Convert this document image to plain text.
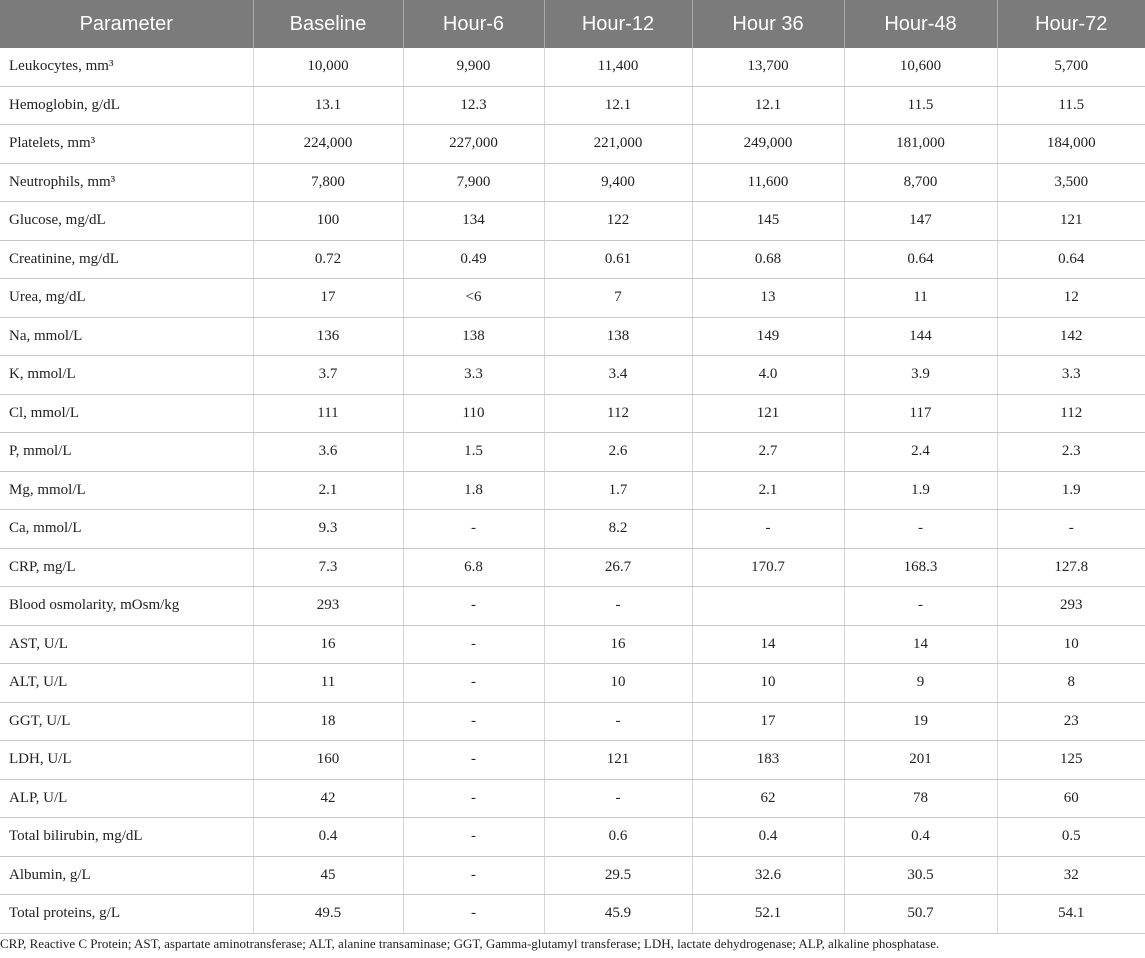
Parameter	Baseline	Hour-6	Hour-12	Hour 36	Hour-48	Hour-72
Leukocytes, mm³	10,000	9,900	11,400	13,700	10,600	5,700
Hemoglobin, g/dL	13.1	12.3	12.1	12.1	11.5	11.5
Platelets, mm³	224,000	227,000	221,000	249,000	181,000	184,000
Neutrophils, mm³	7,800	7,900	9,400	11,600	8,700	3,500
Glucose, mg/dL	100	134	122	145	147	121
Creatinine, mg/dL	0.72	0.49	0.61	0.68	0.64	0.64
Urea, mg/dL	17	<6	7	13	11	12
Na, mmol/L	136	138	138	149	144	142
K, mmol/L	3.7	3.3	3.4	4.0	3.9	3.3
Cl, mmol/L	111	110	112	121	117	112
P, mmol/L	3.6	1.5	2.6	2.7	2.4	2.3
Mg, mmol/L	2.1	1.8	1.7	2.1	1.9	1.9
Ca, mmol/L	9.3	-	8.2	-	-	-
CRP, mg/L	7.3	6.8	26.7	170.7	168.3	127.8
Blood osmolarity, mOsm/kg	293	-	-		-	293
AST, U/L	16	-	16	14	14	10
ALT, U/L	11	-	10	10	9	8
GGT, U/L	18	-	-	17	19	23
LDH, U/L	160	-	121	183	201	125
ALP, U/L	42	-	-	62	78	60
Total bilirubin, mg/dL	0.4	-	0.6	0.4	0.4	0.5
Albumin, g/L	45	-	29.5	32.6	30.5	32
Total proteins, g/L	49.5	-	45.9	52.1	50.7	54.1
CRP, Reactive C Protein; AST, aspartate aminotransferase; ALT, alanine transaminase; GGT, Gamma-glutamyl transferase; LDH, lactate dehydrogenase; ALP, alkaline phosphatase.
